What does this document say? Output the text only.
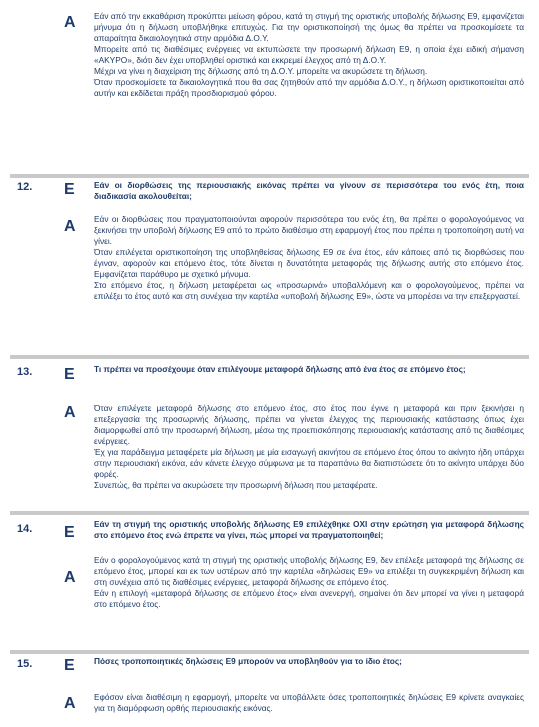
Α Εάν από την εκκαθάριση προκύπτει μείωση φόρου, κατά τη στιγμή της οριστικής υποβολής δήλωσης Ε9, εμφανίζεται μήνυμα ότι η δήλωση υποβλήθηκε επιτυχώς. Για την οριστικοποίησή της όμως θα πρέπει να προσκομίσετε τα απαραίτητα δικαιολογητικά στην αρμόδια Δ.Ο.Υ.

Μπορείτε από τις διαθέσιμες ενέργειες να εκτυπώσετε την προσωρινή δήλωση Ε9, η οποία έχει ειδική σήμανση «ΑΚΥΡΟ», διότι δεν έχει υποβληθεί οριστικά και εκκρεμεί έλεγχος από τη Δ.Ο.Υ.

Μέχρι να γίνει η διαχείριση της δήλωσης από τη Δ.Ο.Υ. μπορείτε να ακυρώσετε τη δήλωση.

Όταν προσκομίσετε τα δικαιολογητικά που θα σας ζητηθούν από την αρμόδια Δ.Ο.Υ., η δήλωση οριστικοποιείται από αυτήν και εκδίδεται πράξη προσδιορισμού φόρου.

12. Ε Εάν οι διορθώσεις της περιουσιακής εικόνας πρέπει να γίνουν σε περισσότερα του ενός έτη, ποια διαδικασία ακολουθείται;
Α Εάν οι διορθώσεις που πραγματοποιούνται αφορούν περισσότερα του ενός έτη, θα πρέπει ο φορολογούμενος να ξεκινήσει την υποβολή δήλωσης Ε9 από το πρώτο διαθέσιμο στη εφαρμογή έτος που πρέπει η τροποποίηση αυτή να γίνει.

Όταν επιλέγεται οριστικοποίηση της υποβληθείσας δήλωσης Ε9 σε ένα έτος, εάν κάποιες από τις διορθώσεις που έγιναν, αφορούν και επόμενο έτος, τότε δίνεται η δυνατότητα μεταφοράς της δήλωσης αυτής στο επόμενο έτος. Εμφανίζεται παράθυρο με σχετικό μήνυμα.

Στο επόμενο έτος, η δήλωση μεταφέρεται ως «προσωρινά» υποβαλλόμενη και ο φορολογούμενος, πρέπει να επιλέξει το έτος αυτό και στη συνέχεια την καρτέλα «υποβολή δήλωσης Ε9», ώστε να μπορέσει να την επεξεργαστεί.

13. Ε Τι πρέπει να προσέχουμε όταν επιλέγουμε μεταφορά δήλωσης από ένα έτος σε επόμενο έτος;
Α Όταν επιλέγετε μεταφορά δήλωσης στο επόμενο έτος, στο έτος που έγινε η μεταφορά και πριν ξεκινήσει η επεξεργασία της προσωρινής δήλωσης, πρέπει να γίνεται έλεγχος της περιουσιακής κατάστασης όπως έχει διαμορφωθεί από την προσωρινή δήλωση, μέσω της προεπισκόπησης περιουσιακής κατάστασης από τις διαθέσιμες ενέργειες.

Έχ για παράδειγμα μεταφέρετε μία δήλωση με μία εισαγωγή ακινήτου σε επόμενο έτος όπου το ακίνητο ήδη υπάρχει στην περιουσιακή εικόνα, εάν κάνετε έλεγχο σύμφωνα με τα παραπάνω θα διαπιστώσετε ότι το ακίνητο υπάρχει δύο φορές.

Συνεπώς, θα πρέπει να ακυρώσετε την προσωρινή δήλωση που μεταφέρατε.

14. Ε Εάν τη στιγμή της οριστικής υποβολής δήλωσης Ε9 επιλέχθηκε ΟΧΙ στην ερώτηση για μεταφορά δήλωσης στο επόμενο έτος ενώ έπρεπε να γίνει, πώς μπορεί να πραγματοποιηθεί;
Α

Εάν ο φορολογούμενος κατά τη στιγμή της οριστικής υποβολής δήλωσης Ε9, δεν επέλεξε μεταφορά της δήλωσης σε επόμενο έτος, μπορεί και εκ των υστέρων από την καρτέλα «δηλώσεις Ε9» να επιλέξει τη συγκεκριμένη δήλωση και στη συνέχεια από τις διαθέσιμες ενέργειες, μεταφορά δήλωσης σε επόμενο έτος.

Εάν η επιλογή «μεταφορά δήλωσης σε επόμενο έτος» είναι ανενεργή, σημαίνει ότι δεν μπορεί να γίνει η μεταφορά στο επόμενο έτος.

15. Ε Πόσες τροποποιητικές δηλώσεις Ε9 μπορούν να υποβληθούν για το ίδιο έτος;
Α Εφόσον είναι διαθέσιμη η εφαρμογή, μπορείτε να υποβάλλετε όσες τροποποιητικές δηλώσεις Ε9 κρίνετε αναγκαίες για τη διαμόρφωση ορθής περιουσιακής εικόνας.
